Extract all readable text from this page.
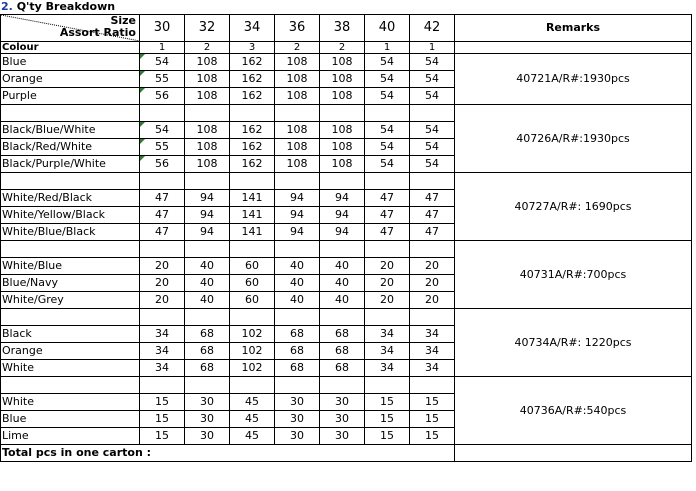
2. Q'ty Breakdown
Size
Assort Ratio	30	32	34	36	38	40	42	Remarks
Colour	1	2	3	2	2	1	1	
Blue	54	108	162	108	108	54	54	40721A/R#:1930pcs
Orange	55	108	162	108	108	54	54	
Purple	56	108	162	108	108	54	54	
								40726A/R#:1930pcs
Black/Blue/White	54	108	162	108	108	54	54	
Black/Red/White	55	108	162	108	108	54	54	
Black/Purple/White	56	108	162	108	108	54	54	
								40727A/R#: 1690pcs
White/Red/Black	47	94	141	94	94	47	47	
White/Yellow/Black	47	94	141	94	94	47	47	
White/Blue/Black	47	94	141	94	94	47	47	
								40731A/R#:700pcs
White/Blue	20	40	60	40	40	20	20	
Blue/Navy	20	40	60	40	40	20	20	
White/Grey	20	40	60	40	40	20	20	
								40734A/R#: 1220pcs
Black	34	68	102	68	68	34	34	
Orange	34	68	102	68	68	34	34	
White	34	68	102	68	68	34	34	
								40736A/R#:540pcs
White	15	30	45	30	30	15	15	
Blue	15	30	45	30	30	15	15	
Lime	15	30	45	30	30	15	15	
Total pcs in one carton :								
